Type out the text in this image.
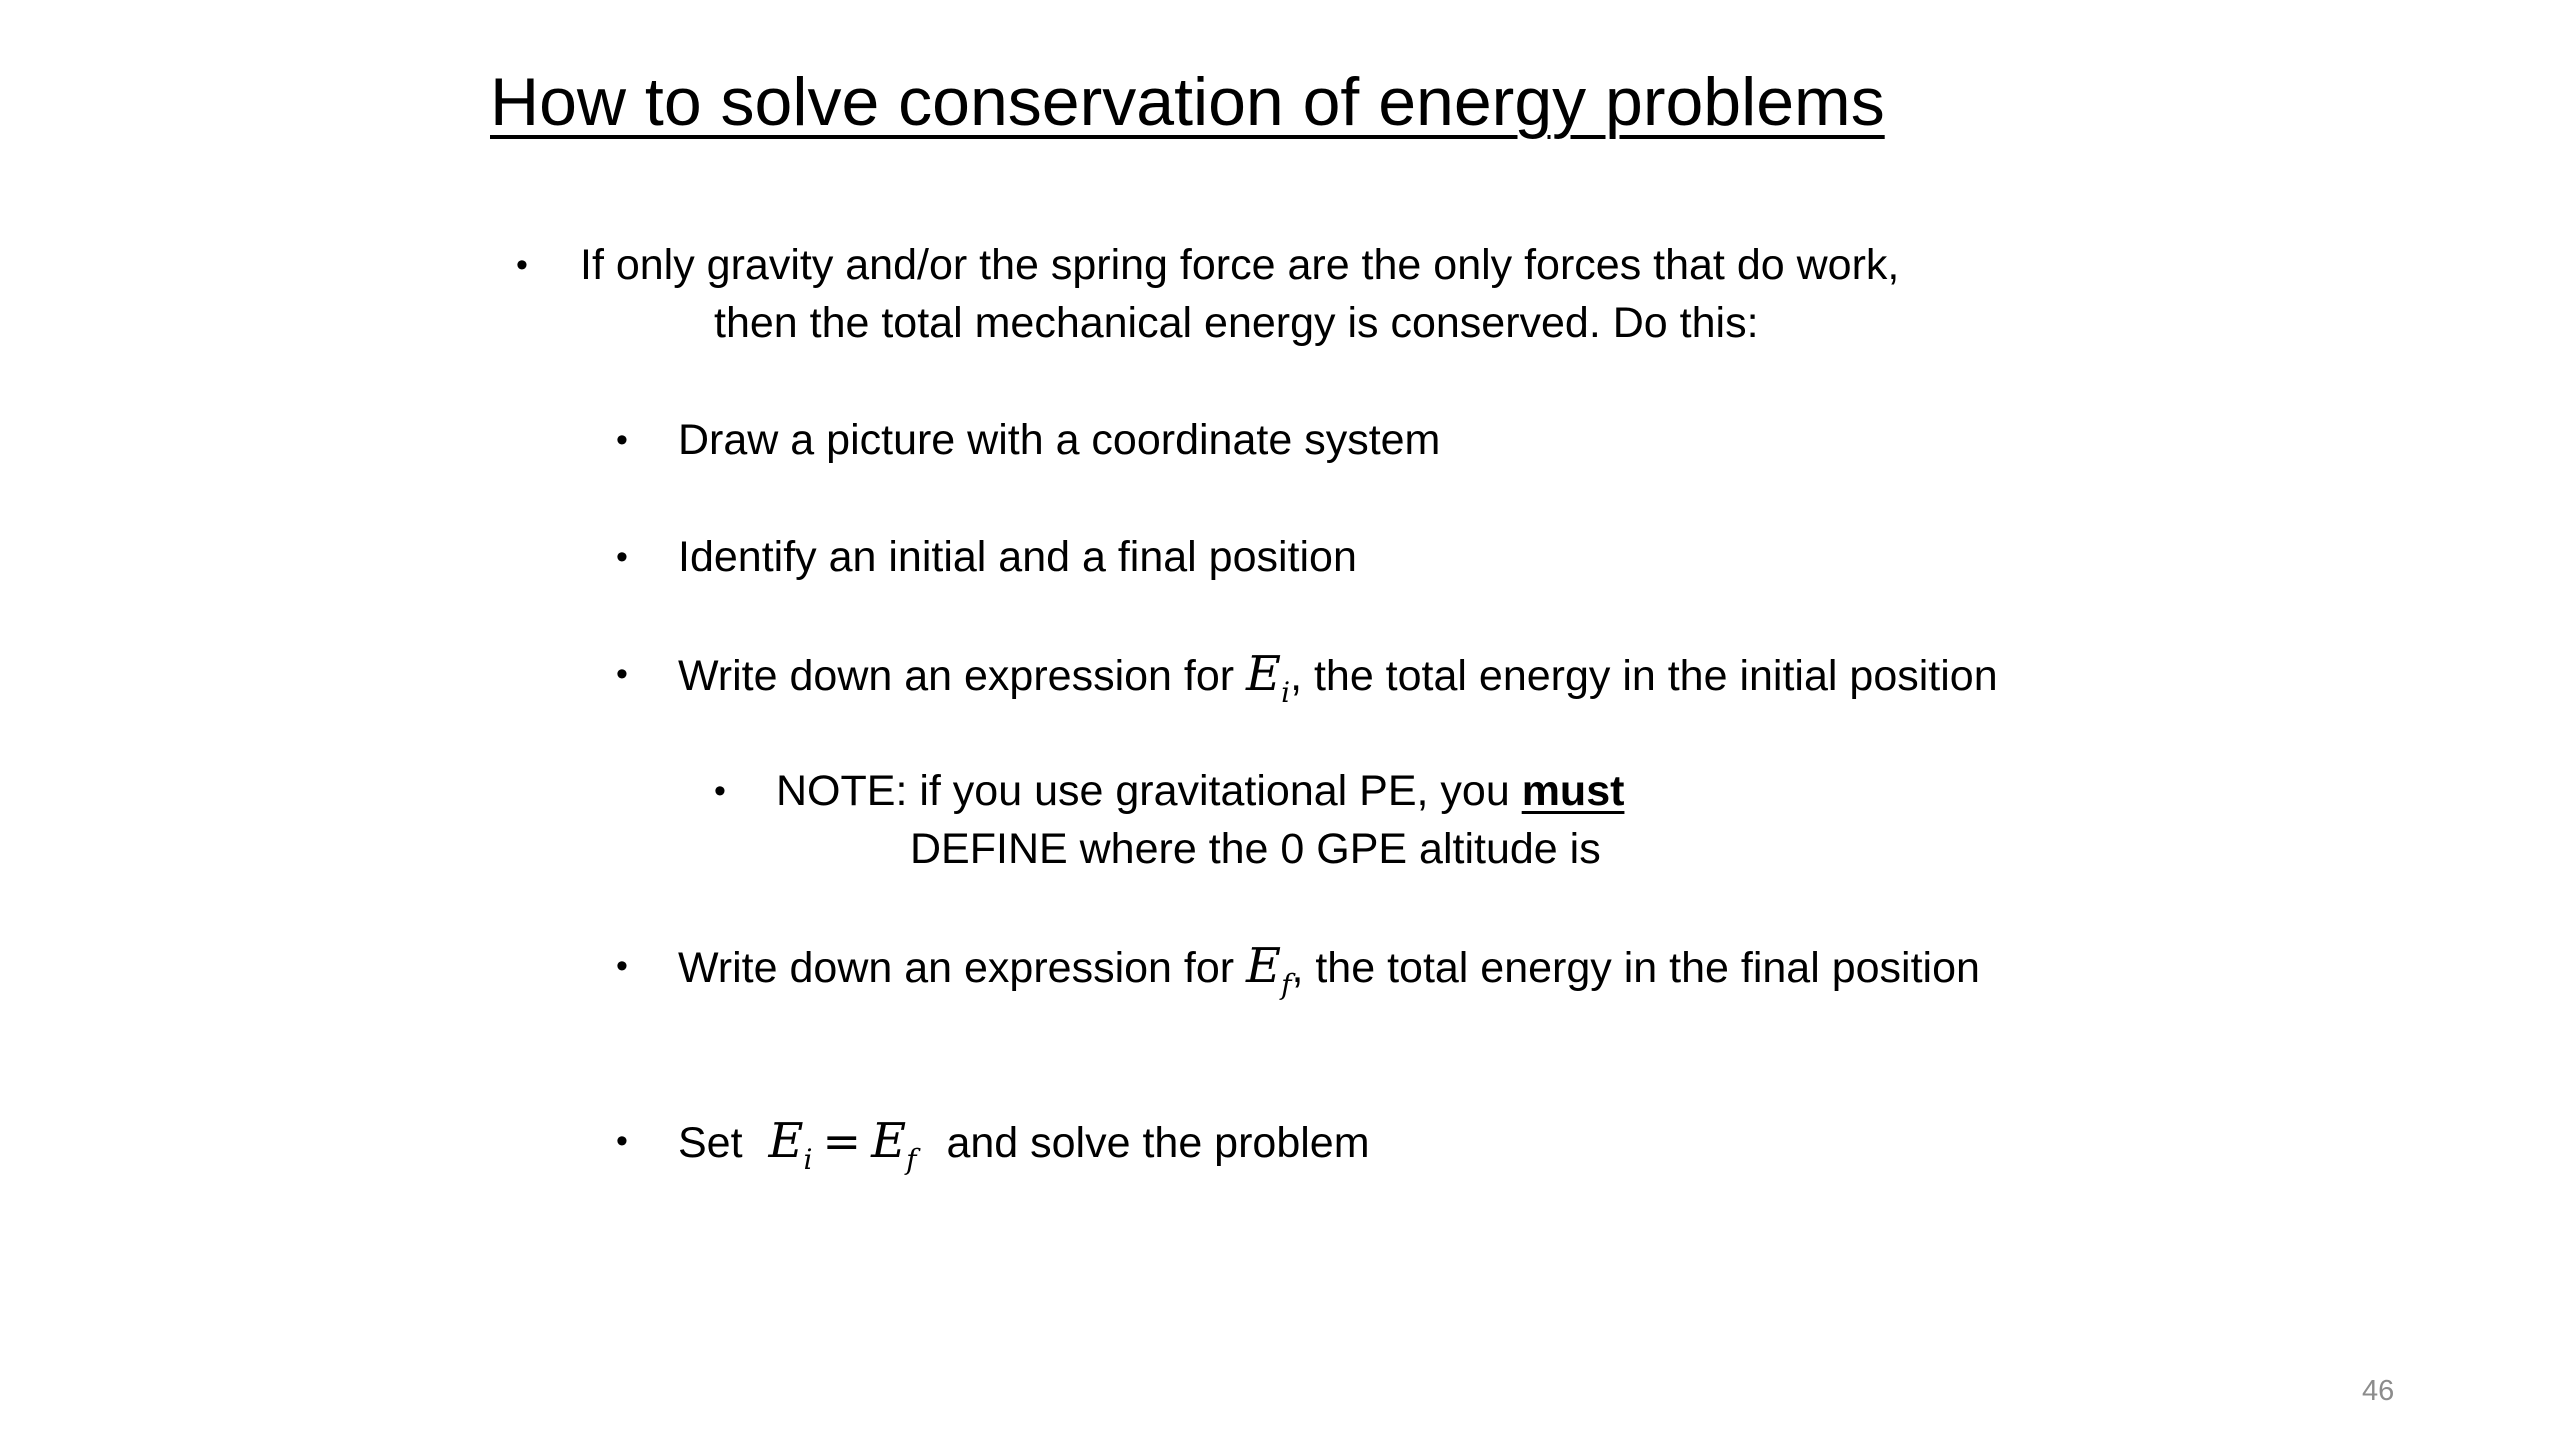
How to solve conservation of energy problems
• If only gravity and/or the spring force are the only forces that do work,
then the total mechanical energy is conserved. Do this:
• Draw a picture with a coordinate system
• Identify an initial and a final position
• Write down an expression for $E_i$, the total energy in the initial position
• NOTE: if you use gravitational PE, you must
DEFINE where the 0 GPE altitude is
• Write down an expression for $E_f$, the total energy in the final position
• Set $E_i = E_f$ and solve the problem
46
